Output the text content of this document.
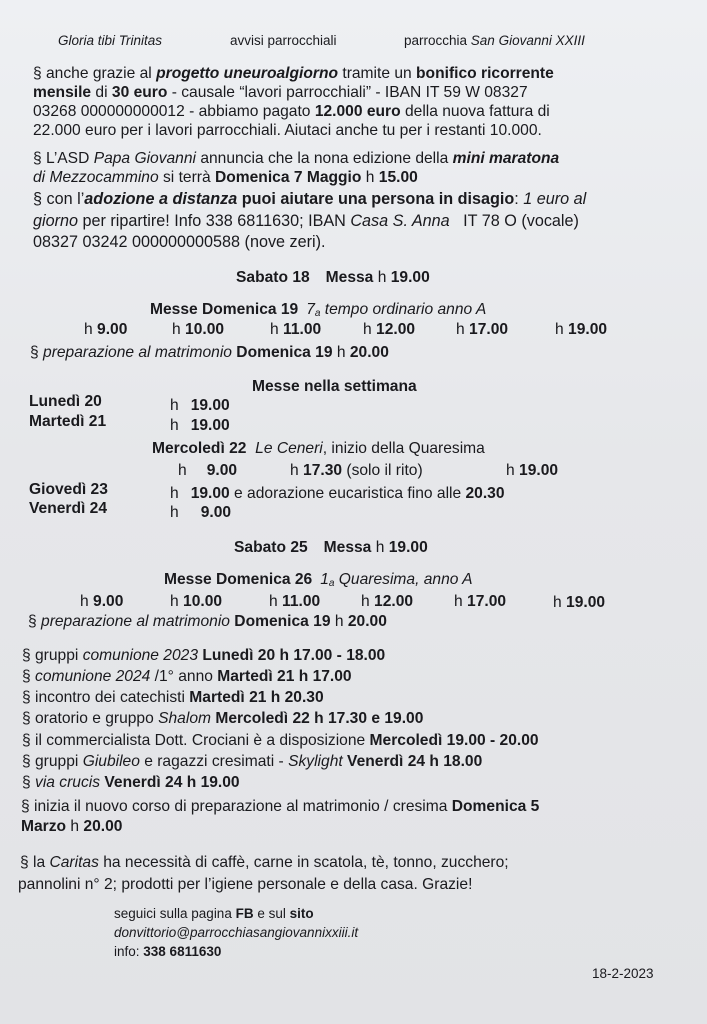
Gloria tibi Trinitas	avvisi parrocchiali	parrocchia San Giovanni XXIII
§ anche grazie al progetto uneuroalgiorno tramite un bonifico ricorrente
mensile di 30 euro - causale “lavori parrocchiali” - IBAN IT 59 W 08327
03268 000000000012 - abbiamo pagato 12.000 euro della nuova fattura di
22.000 euro per i lavori parrocchiali. Aiutaci anche tu per i restanti 10.000.
§ L’ASD Papa Giovanni annuncia che la nona edizione della mini maratona
di Mezzocammino si terrà Domenica 7 Maggio h 15.00
§ con l’adozione a distanza puoi aiutare una persona in disagio: 1 euro al
giorno per ripartire! Info 338 6811630; IBAN Casa S. Anna   IT 78 O (vocale)
08327 03242 000000000588 (nove zeri).
Sabato 18 Messa h 19.00
Messe Domenica 19 $7_a$ tempo ordinario anno A
h 9.00	h 10.00	h 11.00	h 12.00	h 17.00	h 19.00
§ preparazione al matrimonio Domenica 19 h 20.00
Messe nella settimana
Lunedì 20	h 19.00
Martedì 21	h 19.00
Mercoledì 22 Le Ceneri, inizio della Quaresima
h 9.00	h 17.30 (solo il rito)	h 19.00
Giovedì 23	h 19.00 e adorazione eucaristica fino alle 20.30
Venerdì 24	h 9.00
Sabato 25 Messa h 19.00
Messe Domenica 26 $1_a$ Quaresima, anno A
h 9.00	h 10.00	h 11.00	h 12.00	h 17.00	h 19.00
§ preparazione al matrimonio Domenica 19 h 20.00
§ gruppi comunione 2023 Lunedì 20 h 17.00 - 18.00
§ comunione 2024 /1° anno Martedì 21 h 17.00
§ incontro dei catechisti Martedì 21 h 20.30
§ oratorio e gruppo Shalom Mercoledì 22 h 17.30 e 19.00
§ il commercialista Dott. Crociani è a disposizione Mercoledì 19.00 - 20.00
§ gruppi Giubileo e ragazzi cresimati - Skylight Venerdì 24 h 18.00
§ via crucis Venerdì 24 h 19.00
§ inizia il nuovo corso di preparazione al matrimonio / cresima Domenica 5
Marzo h 20.00
§ la Caritas ha necessità di caffè, carne in scatola, tè, tonno, zucchero;
pannolini n° 2; prodotti per l’igiene personale e della casa. Grazie!
seguici sulla pagina FB e sul sito
donvittorio@parrocchiasangiovannixxiii.it
info: 338 6811630
18-2-2023
